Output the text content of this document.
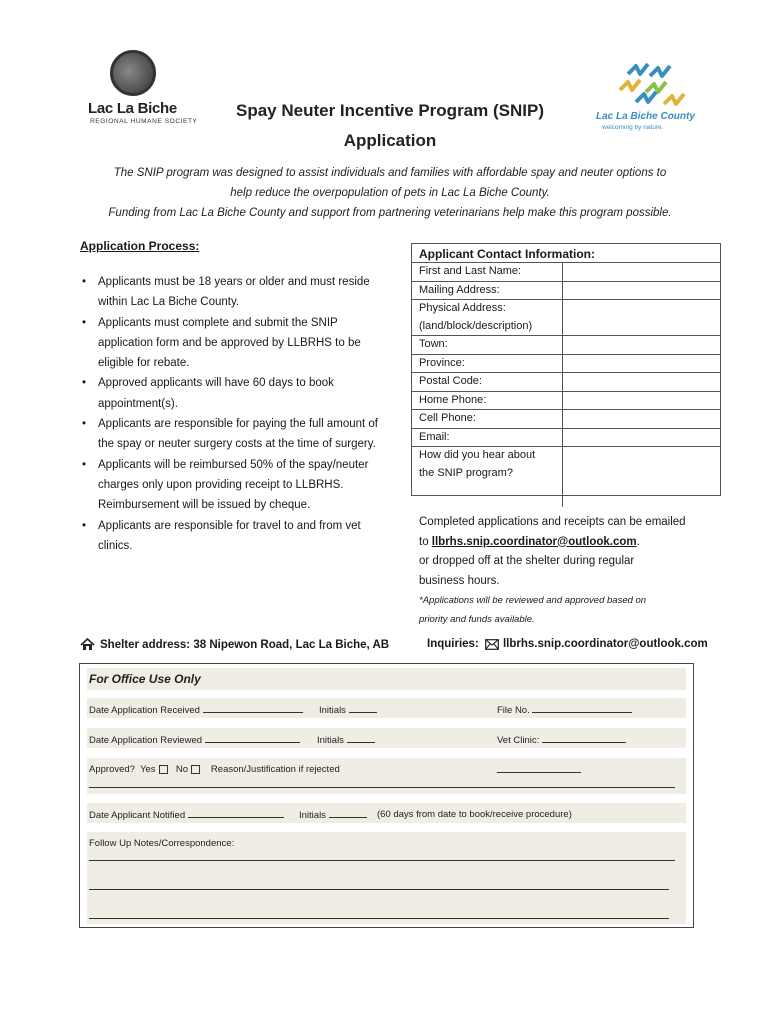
Lac La Biche
REGIONAL HUMANE SOCIETY	Lac La Biche County
welcoming by nature.
Spay Neuter Incentive Program (SNIP)
Application
The SNIP program was designed to assist individuals and families with affordable spay and neuter options to
help reduce the overpopulation of pets in Lac La Biche County.
Funding from Lac La Biche County and support from partnering veterinarians help make this program possible.
Application Process:
• Applicants must be 18 years or older and must reside within Lac La Biche County.
• Applicants must complete and submit the SNIP application form and be approved by LLBRHS to be eligible for rebate.
• Approved applicants will have 60 days to book appointment(s).
• Applicants are responsible for paying the full amount of the spay or neuter surgery costs at the time of surgery.
• Applicants will be reimbursed 50% of the spay/neuter charges only upon providing receipt to LLBRHS. Reimbursement will be issued by cheque.
• Applicants are responsible for travel to and from vet clinics.
Applicant Contact Information:
First and Last Name:
Mailing Address:
Physical Address:
(land/block/description)
Town:
Province:
Postal Code:
Home Phone:
Cell Phone:
Email:
How did you hear about
the SNIP program?
Completed applications and receipts can be emailed
to llbrhs.snip.coordinator@outlook.com.
or dropped off at the shelter during regular
business hours.
*Applications will be reviewed and approved based on
priority and funds available.
Shelter address:
38 Nipewon Road, Lac La Biche, AB	Inquiries:
llbrhs.snip.coordinator@outlook.com
For Office Use Only
Date Application Received	Initials	File No.
Date Application Reviewed	Initials	Vet Clinic:
Approved? Yes No Reason/Justification if rejected
Date Applicant Notified	Initials	(60 days from date to book/receive procedure)
Follow Up Notes/Correspondence:
